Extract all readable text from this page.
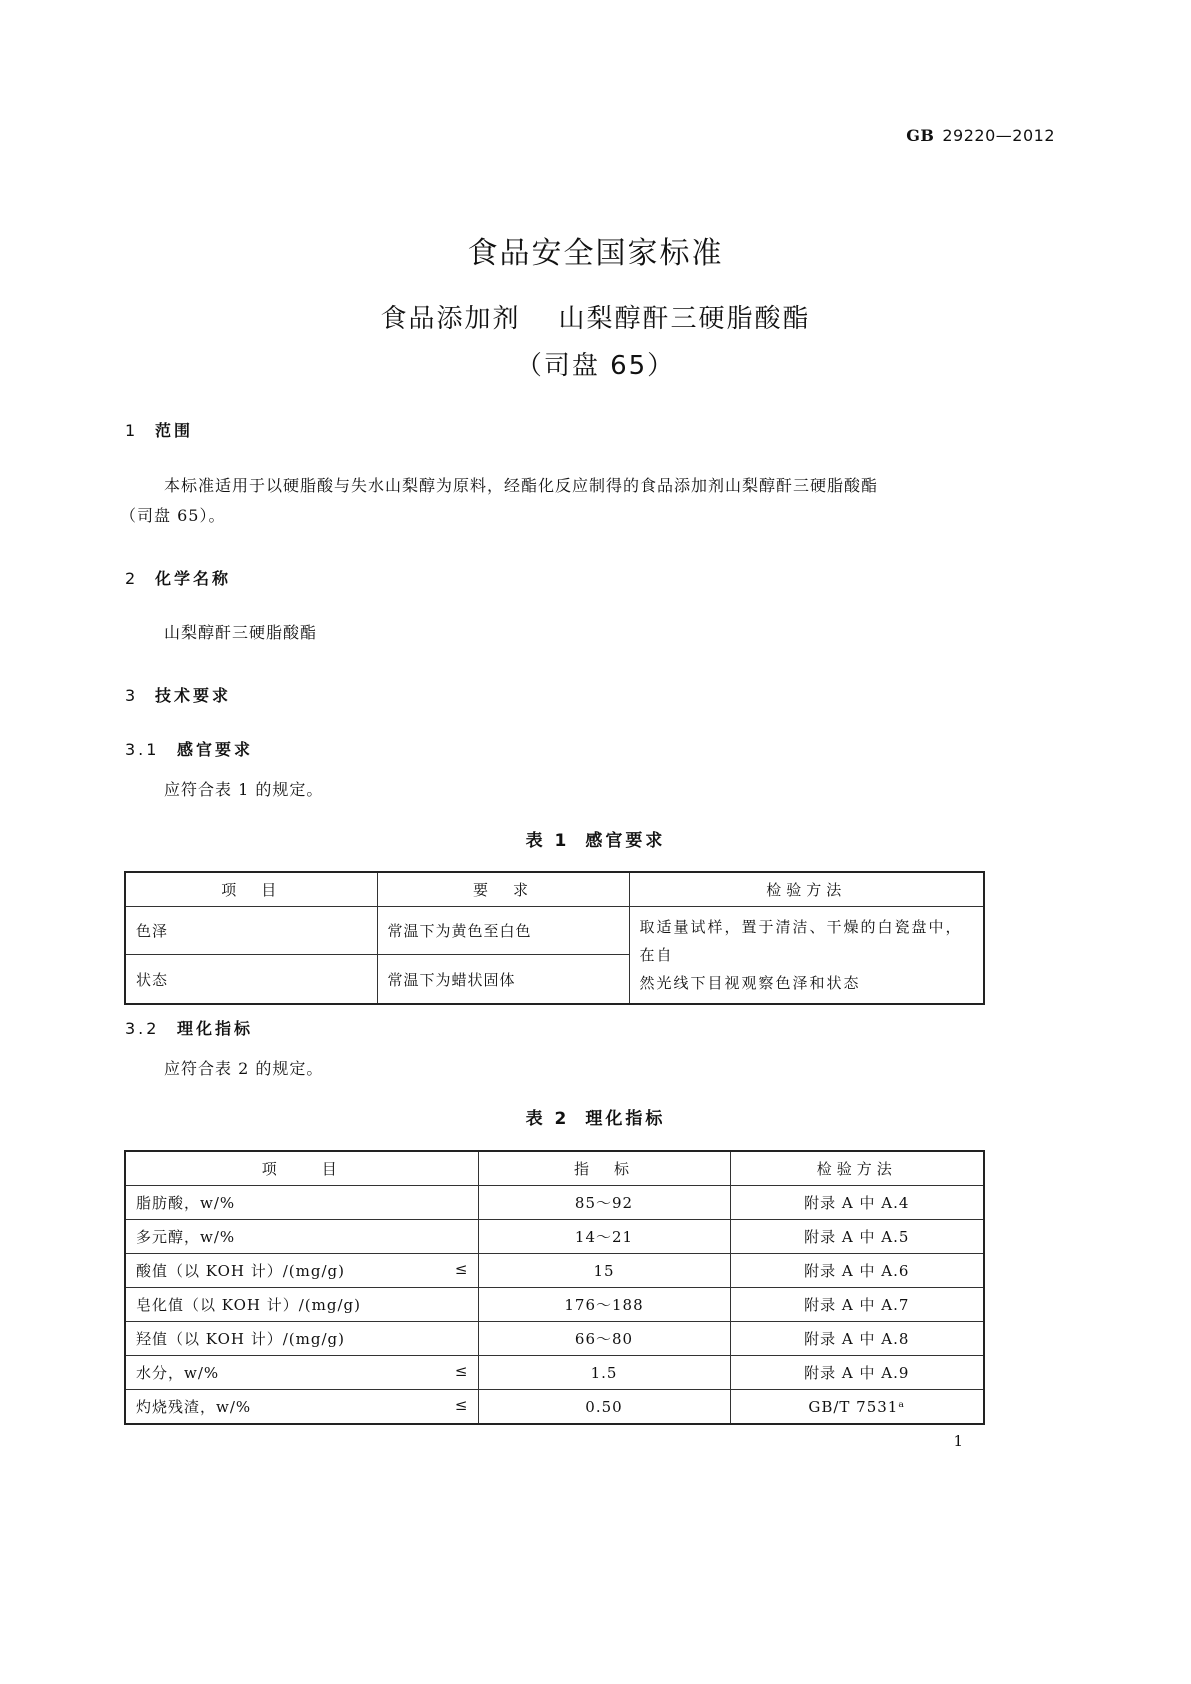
GB 29220—2012
食品安全国家标准
食品添加剂 山梨醇酐三硬脂酸酯
（司盘 65）
1 范围
本标准适用于以硬脂酸与失水山梨醇为原料，经酯化反应制得的食品添加剂山梨醇酐三硬脂酸酯
（司盘 65）。
2 化学名称
山梨醇酐三硬脂酸酯
3 技术要求
3.1 感官要求
应符合表 1 的规定。
表 1 感官要求
项　目	要　求	检验方法
色泽	常温下为黄色至白色	取适量试样，置于清洁、干燥的白瓷盘中，在自
然光线下目视观察色泽和状态
状态	常温下为蜡状固体	
3.2 理化指标
应符合表 2 的规定。
表 2 理化指标
项　　目	指　标	检验方法
脂肪酸，w/%	85～92	附录 A 中 A.4
多元醇，w/%	14～21	附录 A 中 A.5
酸值（以 KOH 计）/(mg/g) ≤	15	附录 A 中 A.6
皂化值（以 KOH 计）/(mg/g)	176～188	附录 A 中 A.7
羟值（以 KOH 计）/(mg/g)	66～80	附录 A 中 A.8
水分，w/% ≤	1.5	附录 A 中 A.9
灼烧残渣，w/% ≤	0.50	GB/T 7531ᵃ
1
